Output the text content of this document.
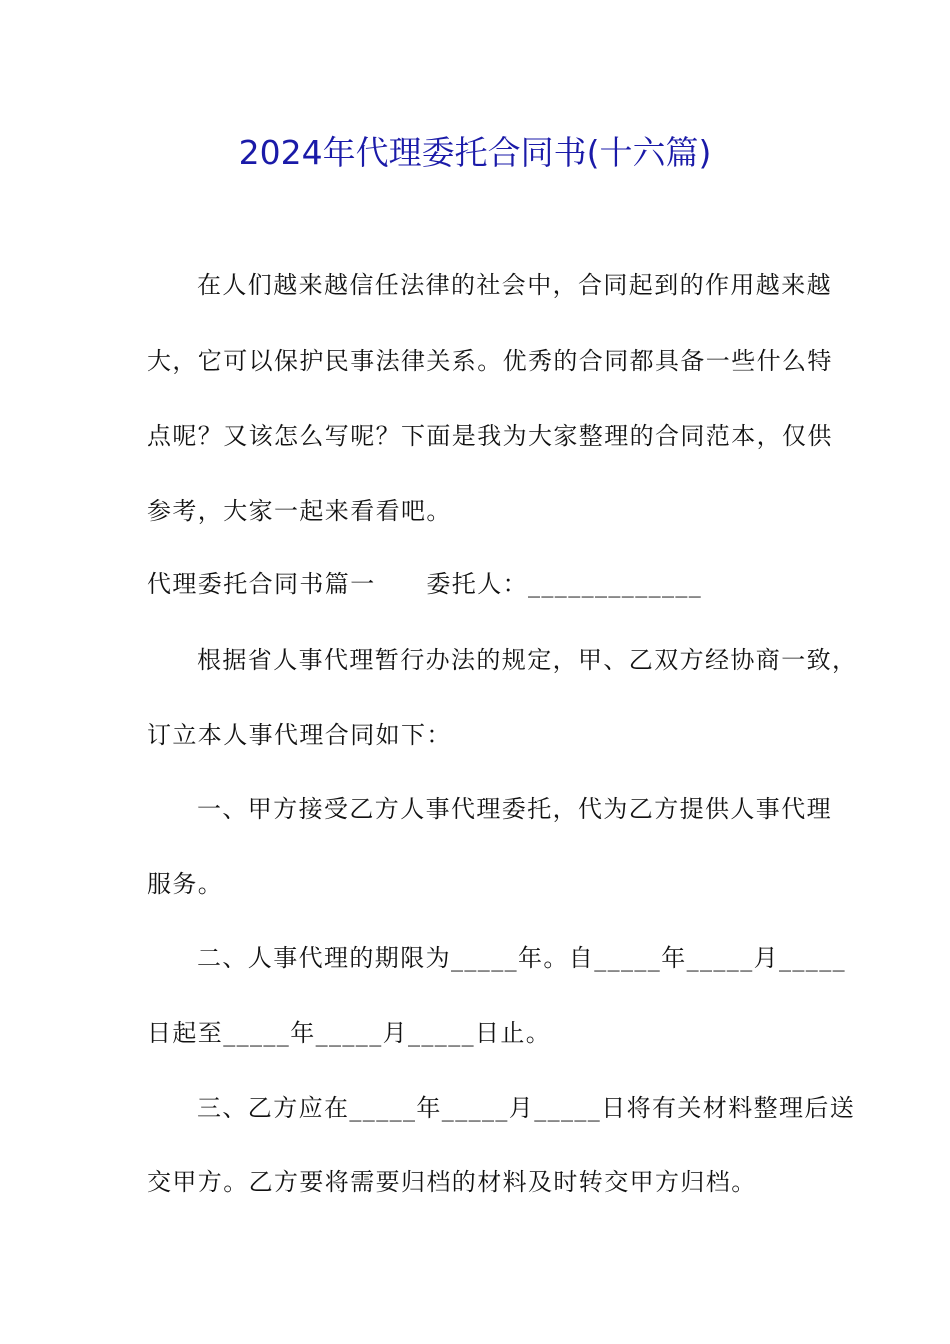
2024年代理委托合同书(十六篇)
在人们越来越信任法律的社会中，合同起到的作用越来越
大，它可以保护民事法律关系。优秀的合同都具备一些什么特
点呢？又该怎么写呢？下面是我为大家整理的合同范本，仅供
参考，大家一起来看看吧。
代理委托合同书篇一　　委托人：_____________
根据省人事代理暂行办法的规定，甲、乙双方经协商一致，
订立本人事代理合同如下：
一、甲方接受乙方人事代理委托，代为乙方提供人事代理
服务。
二、人事代理的期限为_____年。自_____年_____月_____
日起至_____年_____月_____日止。
三、乙方应在_____年_____月_____日将有关材料整理后送
交甲方。乙方要将需要归档的材料及时转交甲方归档。
